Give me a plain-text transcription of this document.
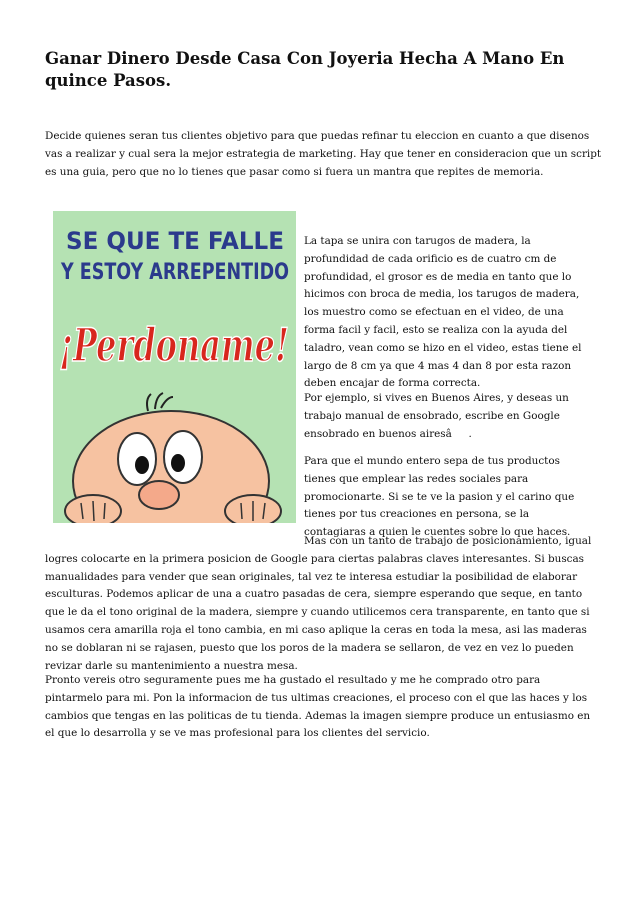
Ganar Dinero Desde Casa Con Joyeria Hecha A Mano En quince Pasos.

Decide quienes seran tus clientes objetivo para que puedas refinar tu eleccion en cuanto a que disenos vas a realizar y cual sera la mejor estrategia de marketing. Hay que tener en consideracion que un script es una guia, pero que no lo tienes que pasar como si fuera un mantra que repites de memoria.

SE QUE TE FALLE
Y ESTOY ARREPENTIDO
¡Perdoname!

La tapa se unira con tarugos de madera, la profundidad de cada orificio es de cuatro cm de profundidad, el grosor es de media en tanto que lo hicimos con broca de media, los tarugos de madera, los muestro como se efectuan en el video, de una forma facil y facil, esto se realiza con la ayuda del taladro, vean como se hizo en el video, estas tiene el largo de 8 cm ya que 4 mas 4 dan 8 por esta razon deben encajar de forma correcta.

Por ejemplo, si vives en Buenos Aires, y deseas un trabajo manual de ensobrado, escribe en Google ensobrado en buenos airesâ.

Para que el mundo entero sepa de tus productos tienes que emplear las redes sociales para promocionarte. Si se te ve la pasion y el carino que tienes por tus creaciones en persona, se la contagiaras a quien le cuentes sobre lo que haces.

Mas con un tanto de trabajo de posicionamiento, igual logres colocarte en la primera posicion de Google para ciertas palabras claves interesantes. Si buscas manualidades para vender que sean originales, tal vez te interesa estudiar la posibilidad de elaborar esculturas. Podemos aplicar de una a cuatro pasadas de cera, siempre esperando que seque, en tanto que le da el tono original de la madera, siempre y cuando utilicemos cera transparente, en tanto que si usamos cera amarilla roja el tono cambia, en mi caso aplique la ceras en toda la mesa, asi las maderas no se doblaran ni se rajasen, puesto que los poros de la madera se sellaron, de vez en vez lo pueden revizar darle su mantenimiento a nuestra mesa.

Pronto vereis otro seguramente pues me ha gustado el resultado y me he comprado otro para pintarmelo para mi. Pon la informacion de tus ultimas creaciones, el proceso con el que las haces y los cambios que tengas en las politicas de tu tienda. Ademas la imagen siempre produce un entusiasmo en el que lo desarrolla y se ve mas profesional para los clientes del servicio.
